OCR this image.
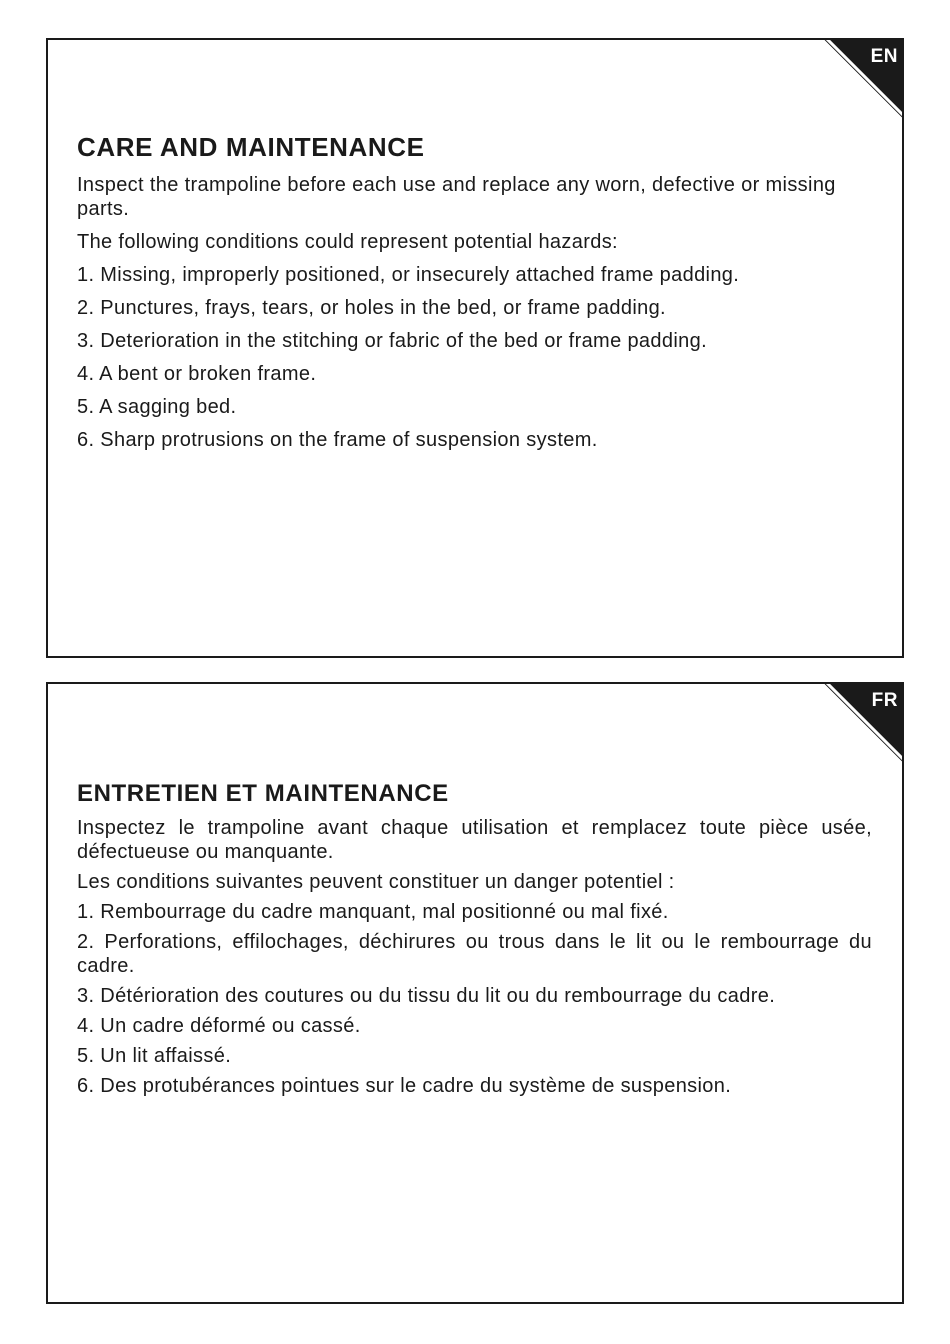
EN
CARE AND MAINTENANCE

Inspect the trampoline before each use and replace any worn, defective or missing parts.

The following conditions could represent potential hazards:

1. Missing, improperly positioned, or insecurely attached frame padding.

2. Punctures, frays, tears, or holes in the bed, or frame padding.

3. Deterioration in the stitching or fabric of the bed or frame padding.

4. A bent or broken frame.

5. A sagging bed.

6. Sharp protrusions on the frame of suspension system.

FR
ENTRETIEN ET MAINTENANCE

Inspectez le trampoline avant chaque utilisation et remplacez toute pièce usée, défectueuse ou manquante.

Les conditions suivantes peuvent constituer un danger potentiel :

1. Rembourrage du cadre manquant, mal positionné ou mal fixé.

2. Perforations, effilochages, déchirures ou trous dans le lit ou le rembourrage du cadre.

3. Détérioration des coutures ou du tissu du lit ou du rembourrage du cadre.

4. Un cadre déformé ou cassé.

5. Un lit affaissé.

6. Des protubérances pointues sur le cadre du système de suspension.
